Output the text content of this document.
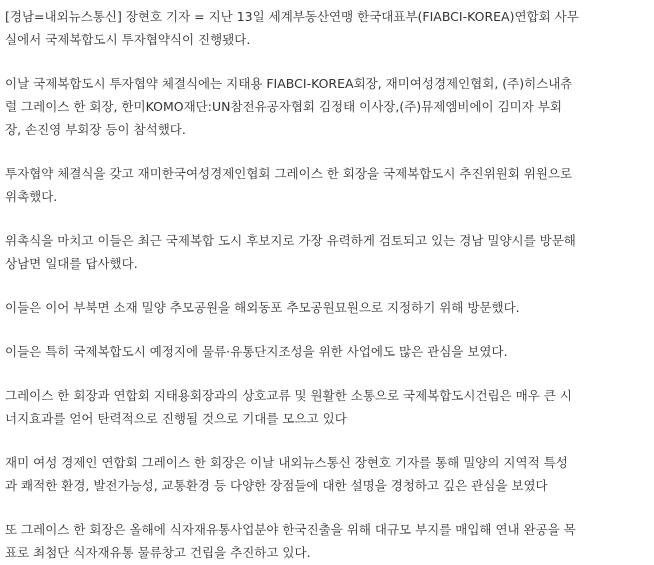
[경남=내외뉴스통신] 장현호 기자 = 지난 13일 세계부동산연맹 한국대표부(FIABCI-KOREA)연합회 사무
실에서 국제복합도시 투자협약식이 진행됐다.

이날 국제복합도시 투자협약 체결식에는 지태용 FIABCI-KOREA회장, 재미여성경제인협회, (주)히스내츄
럴 그레이스 한 회장, 한미KOMO재단:UN참전유공자협회 김정태 이사장,(주)뮤제엠비에이 김미자 부회
장, 손진영 부회장 등이 참석했다.

투자협약 체결식을 갖고 재미한국여성경제인협회 그레이스 한 회장을 국제복합도시 추진위원회 위원으로
위촉했다.

위촉식을 마치고 이들은 최근 국제복합 도시 후보지로 가장 유력하게 검토되고 있는 경남 밀양시를 방문해
상남면 일대를 답사했다.

이들은 이어 부북면 소재 밀양 추모공원을 해외동포 추모공원묘원으로 지정하기 위해 방문했다.

이들은 특히 국제복합도시 예정지에 물류·유통단지조성을 위한 사업에도 많은 관심을 보였다.

그레이스 한 회장과 연합회 지태용회장과의 상호교류 및 원활한 소통으로 국제복합도시건립은 매우 큰 시
너지효과를 얻어 탄력적으로 진행될 것으로 기대를 모으고 있다

재미 여성 경제인 연합회 그레이스 한 회장은 이날 내외뉴스통신 장현호 기자를 통해 밀양의 지역적 특성
과 쾌적한 환경, 발전가능성, 교통환경 등 다양한 장점들에 대한 설명을 경청하고 깊은 관심을 보였다

또 그레이스 한 회장은 올해에 식자재유통사업분야 한국진출을 위해 대규모 부지를 매입해 연내 완공을 목
표로 최첨단 식자재유통 물류창고 건립을 추진하고 있다.
